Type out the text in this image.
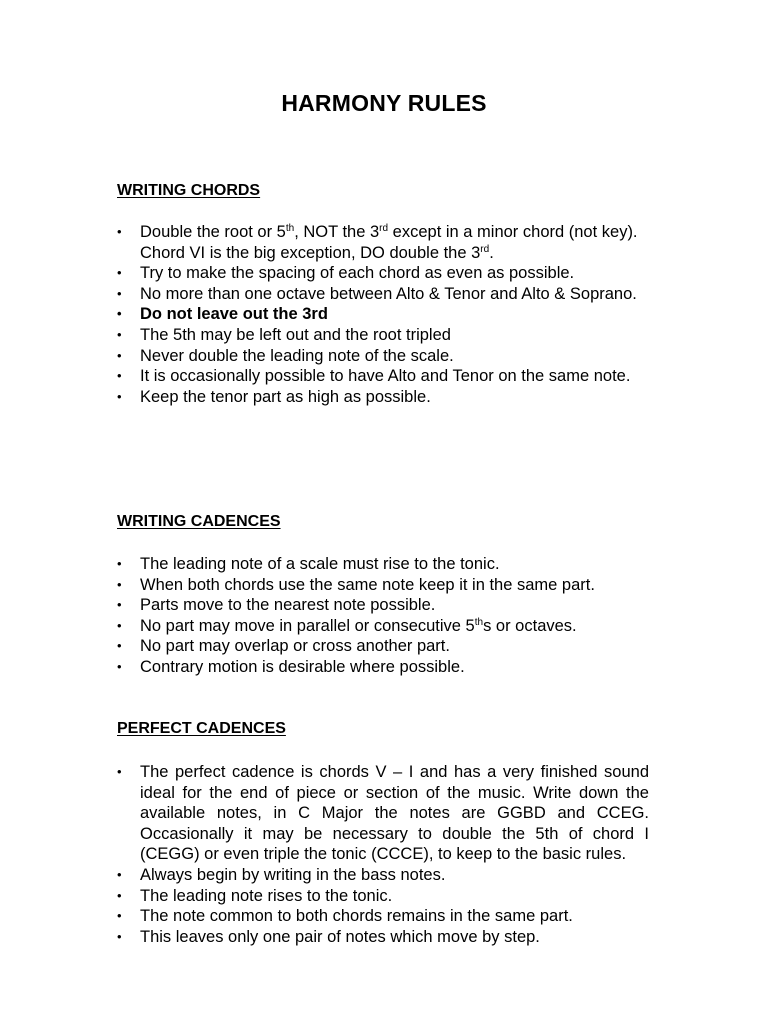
HARMONY RULES
WRITING CHORDS
• Double the root or 5th, NOT the 3rd except in a minor chord (not key).
Chord VI is the big exception, DO double the 3rd.
• Try to make the spacing of each chord as even as possible.
• No more than one octave between Alto & Tenor and Alto & Soprano.
• Do not leave out the 3rd
• The 5th may be left out and the root tripled
• Never double the leading note of the scale.
• It is occasionally possible to have Alto and Tenor on the same note.
• Keep the tenor part as high as possible.
WRITING CADENCES
• The leading note of a scale must rise to the tonic.
• When both chords use the same note keep it in the same part.
• Parts move to the nearest note possible.
• No part may move in parallel or consecutive 5ths or octaves.
• No part may overlap or cross another part.
• Contrary motion is desirable where possible.
PERFECT CADENCES
• The perfect cadence is chords V – I and has a very finished sound ideal for the end of piece or section of the music. Write down the available notes, in C Major the notes are GGBD and CCEG. Occasionally it may be necessary to double the 5th of chord I (CEGG) or even triple the tonic (CCCE), to keep to the basic rules.
• Always begin by writing in the bass notes.
• The leading note rises to the tonic.
• The note common to both chords remains in the same part.
• This leaves only one pair of notes which move by step.
